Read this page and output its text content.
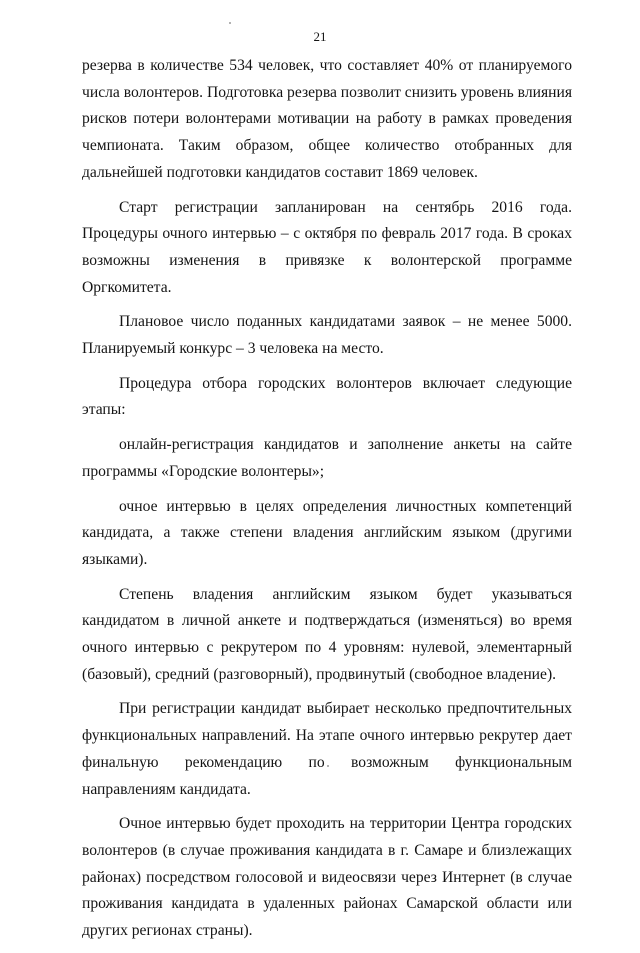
21

резерва в количестве 534 человек, что составляет 40% от планируемого числа волонтеров. Подготовка резерва позволит снизить уровень влияния рисков потери волонтерами мотивации на работу в рамках проведения чемпионата. Таким образом, общее количество отобранных для дальнейшей подготовки кандидатов составит 1869 человек.

Старт регистрации запланирован на сентябрь 2016 года. Процедуры очного интервью – с октября по февраль 2017 года. В сроках возможны изменения в привязке к волонтерской программе Оргкомитета.

Плановое число поданных кандидатами заявок – не менее 5000. Планируемый конкурс – 3 человека на место.

Процедура отбора городских волонтеров включает следующие этапы:

онлайн-регистрация кандидатов и заполнение анкеты на сайте программы «Городские волонтеры»;

очное интервью в целях определения личностных компетенций кандидата, а также степени владения английским языком (другими языками).

Степень владения английским языком будет указываться кандидатом в личной анкете и подтверждаться (изменяться) во время очного интервью с рекрутером по 4 уровням: нулевой, элементарный (базовый), средний (разговорный), продвинутый (свободное владение).

При регистрации кандидат выбирает несколько предпочтительных функциональных направлений. На этапе очного интервью рекрутер дает финальную рекомендацию по возможным функциональным направлениям кандидата.

Очное интервью будет проходить на территории Центра городских волонтеров (в случае проживания кандидата в г. Самаре и близлежащих районах) посредством голосовой и видеосвязи через Интернет (в случае проживания кандидата в удаленных районах Самарской области или других регионах страны).
